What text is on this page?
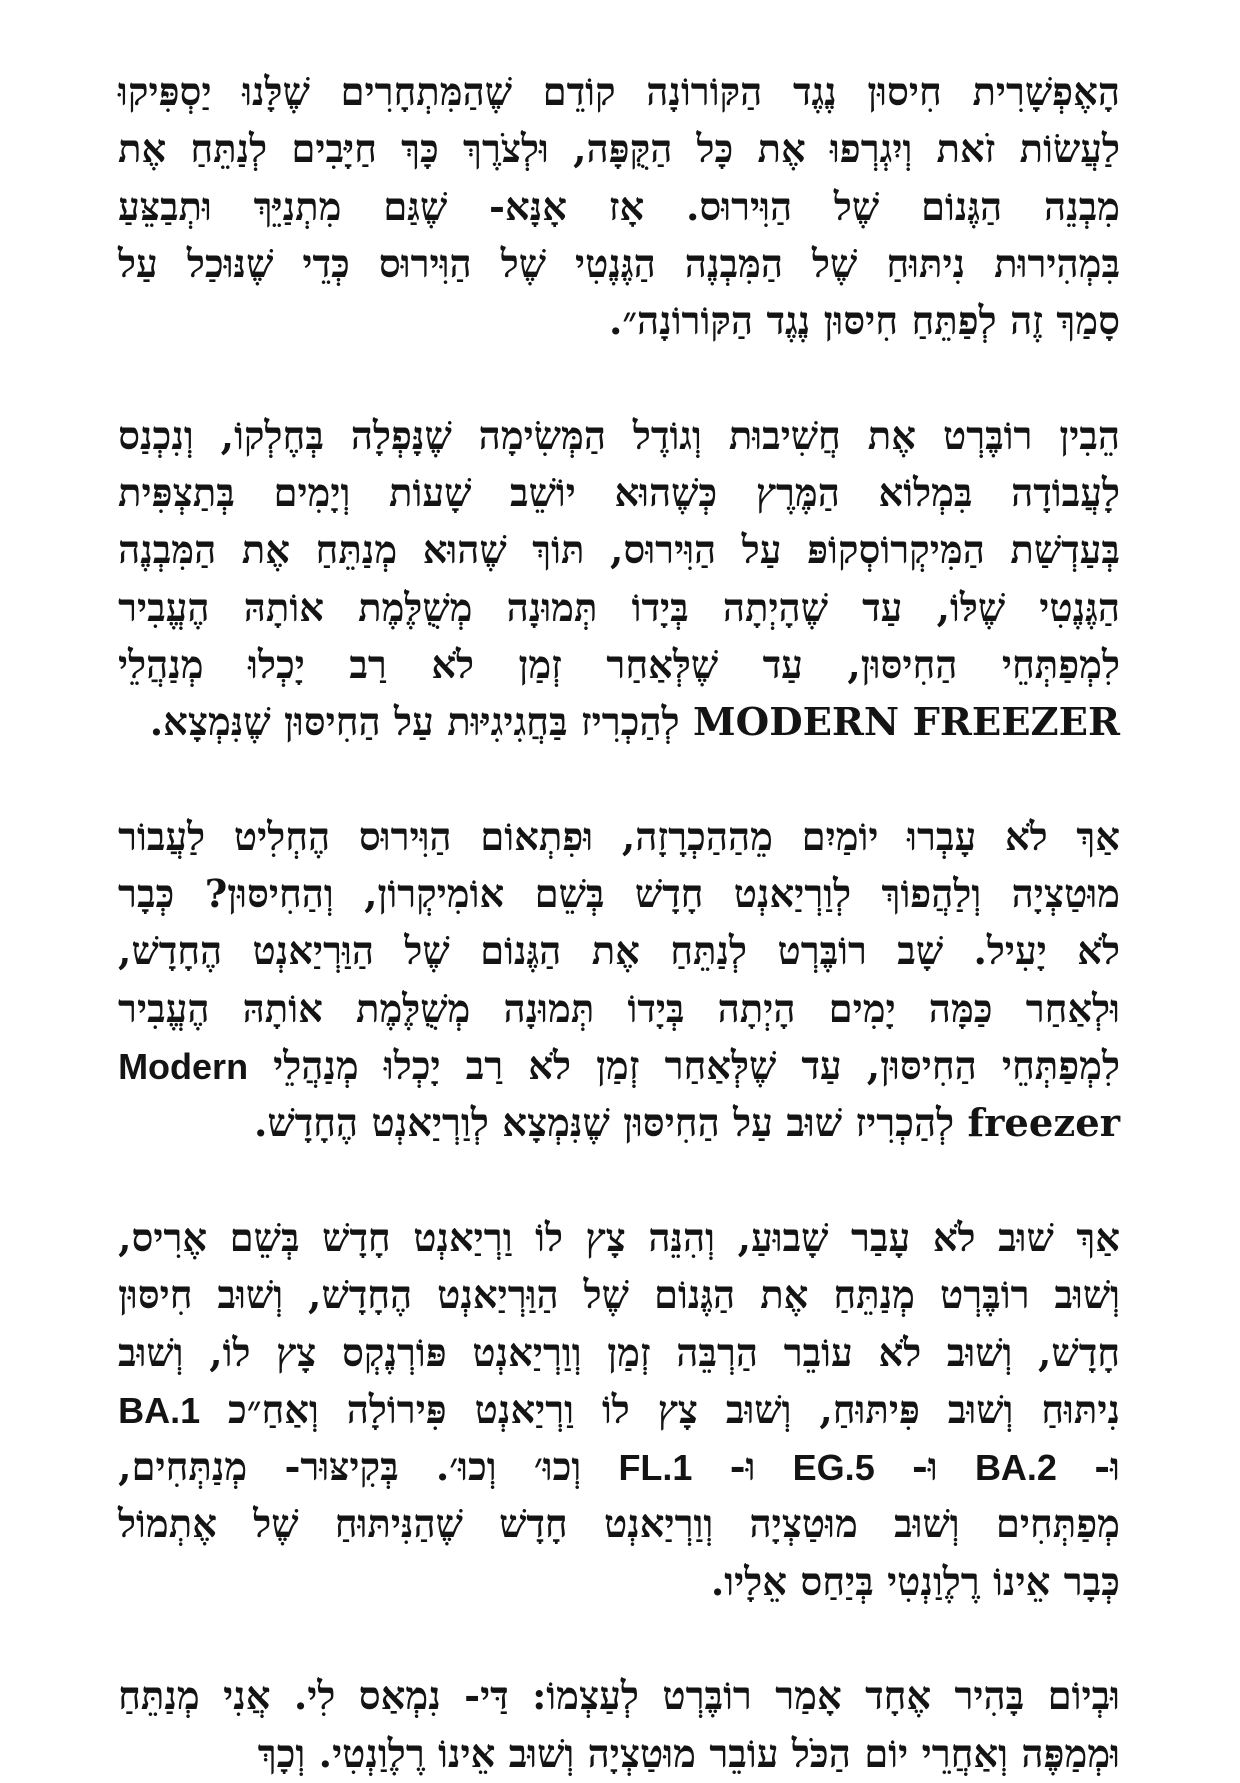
הָאֶפְשָׁרִית
חִיסוּן
נֶגֶד
הַקּוֹרוֹנָה
קוֹדֵם
שֶׁהַמִּתְחָרִים
שֶׁלָּנוּ
יַסְפִּיקוּ
לַעֲשׂוֹת
זֹאת
וְיִגְרְפוּ
אֶת
כָּל
הַקֻּפָּה,
וּלְצֹרֶךְ
כָּךְ
חַיָּבִים
לְנַתֵּחַ
אֶת
מִבְנֵה
הַגֶּנוֹם
שֶׁל
הַוִּירוּס.
אָז
אָנָּא-
שֶׁגַּם
מִתְנַיֵּךְ
וּתְבַצֵּעַ
בִּמְהִירוּת
נִיתּוּחַ
שֶׁל
הַמִּבְנֶה
הַגֶּנֶטִי
שֶׁל
הַוִּירוּס
כְּדֵי
שֶׁנּוּכַל
עַל
סָמַךְ זֶה לְפַתֵּחַ חִיסּוּן נֶגֶד הַקּוֹרוֹנָה״.
הֵבִין
רוֹבֶּרְט
אֶת
חֲשִׁיבוּת
וְגוֹדֶל
הַמְּשִׂימָה
שֶׁנָּפְלָה
בְּחֶלְקוֹ,
וְנִכְנַס
לָעֲבוֹדָה
בִּמְלוֹא
הַמֶּרֶץ
כְּשֶׁהוּא
יוֹשֵׁב
שָׁעוֹת
וְיָמִים
בְּתַצְפִּית
בְּעַדְשַׁת
הַמִּיקְרוֹסְקוֹפּ
עַל
הַוִּירוּס,
תּוֹךְ
שֶׁהוּא
מְנַתֵּחַ
אֶת
הַמִּבְנֶה
הַגֶּנֶטִי
שֶׁלּוֹ,
עַד
שֶׁהָיְתָה
בְּיָדוֹ
תְּמוּנָה
מְשֻׁלֶּמֶת
אוֹתָהּ
הֶעֱבִיר
לִמְפַתְּחֵי
הַחִיסּוּן,
עַד
שֶׁלְּאַחַר
זְמַן
לֹא
רַב
יָכְלוּ
מְנַהֲלֵי
MODERN FREEZER לְהַכְרִיז בַּחֲגִיגִיּוּת עַל הַחִיסּוּן שֶׁנִּמְצָא.
אַךְ
לֹא
עָבְרוּ
יוֹמַיִם
מֵהַהַכְרָזָה,
וּפִתְאוֹם
הַוִּירוּס
הֶחְלִיט
לַעֲבוֹר
מוּטַצְיָה
וְלַהֲפוֹךְ
לְוַרְיַאנְט
חָדָשׁ
בְּשֵׁם
אוֹמִיקְרוֹן,
וְהַחִיסּוּן?
כְּבָר
לֹא
יָעִיל.
שָׁב
רוֹבֶּרְט
לְנַתֵּחַ
אֶת
הַגֶּנוֹם
שֶׁל
הַוַּרְיַאנְט
הֶחָדָשׁ,
וּלְאַחַר
כַּמָּה
יָמִים
הָיְתָה
בְּיָדוֹ
תְּמוּנָה
מְשֻׁלֶּמֶת
אוֹתָהּ
הֶעֱבִיר
לִמְפַתְּחֵי
הַחִיסּוּן,
עַד
שֶׁלְּאַחַר
זְמַן
לֹא
רַב
יָכְלוּ
מְנַהֲלֵי
Modern
freezer לְהַכְרִיז שׁוּב עַל הַחִיסּוּן שֶׁנִּמְצָא לְוַרְיַאנְט הֶחָדָשׁ.
אַךְ
שׁוּב
לֹא
עָבַר
שָׁבוּעַ,
וְהִנֵּה
צָץ
לוֹ
וַרְיַאנְט
חָדָשׁ
בְּשֵׁם
אֶרִיס,
וְשׁוּב
רוֹבֶּרְט
מְנַתֵּחַ
אֶת
הַגֶּנוֹם
שֶׁל
הַוַּרְיַאנְט
הֶחָדָשׁ,
וְשׁוּב
חִיסּוּן
חָדָשׁ,
וְשׁוּב
לֹא
עוֹבֵר
הַרְבֵּה
זְמַן
וְוַרְיַאנְט
פּוֹרְנֶקְס
צָץ
לוֹ,
וְשׁוּב
נִיתּוּחַ
וְשׁוּב
פִּיתּוּחַ,
וְשׁוּב
צָץ
לוֹ
וַרְיַאנְט
פִּירוֹלָה
וְאַחַ״כ
BA.1
וּ-
BA.2
וּ-
EG.5
וּ-
FL.1
וְכוּ׳
וְכוּ׳.
בְּקִיצּוּר-
מְנַתְּחִים,
מְפַתְּחִים
וְשׁוּב
מוּטַצְיָה
וְוַרְיַאנְט
חָדָשׁ
שֶׁהַנִּיתּוּחַ
שֶׁל
אֶתְמוֹל
כְּבָר אֵינוֹ רֶלֶוַנְטִי בְּיַחַס אֵלָיו.
וּבְיוֹם
בָּהִיר
אֶחָד
אָמַר
רוֹבֶּרְט
לְעַצְמוֹ:
דַּי-
נִמְאַס
לִי.
אֲנִי
מְנַתֵּחַ
וּמְמַפֶּה וְאַחֲרֵי יוֹם הַכֹּל עוֹבֵר מוּטַצְיָה וְשׁוּב אֵינוֹ רֶלֶוַנְטִי. וְכָךְ
